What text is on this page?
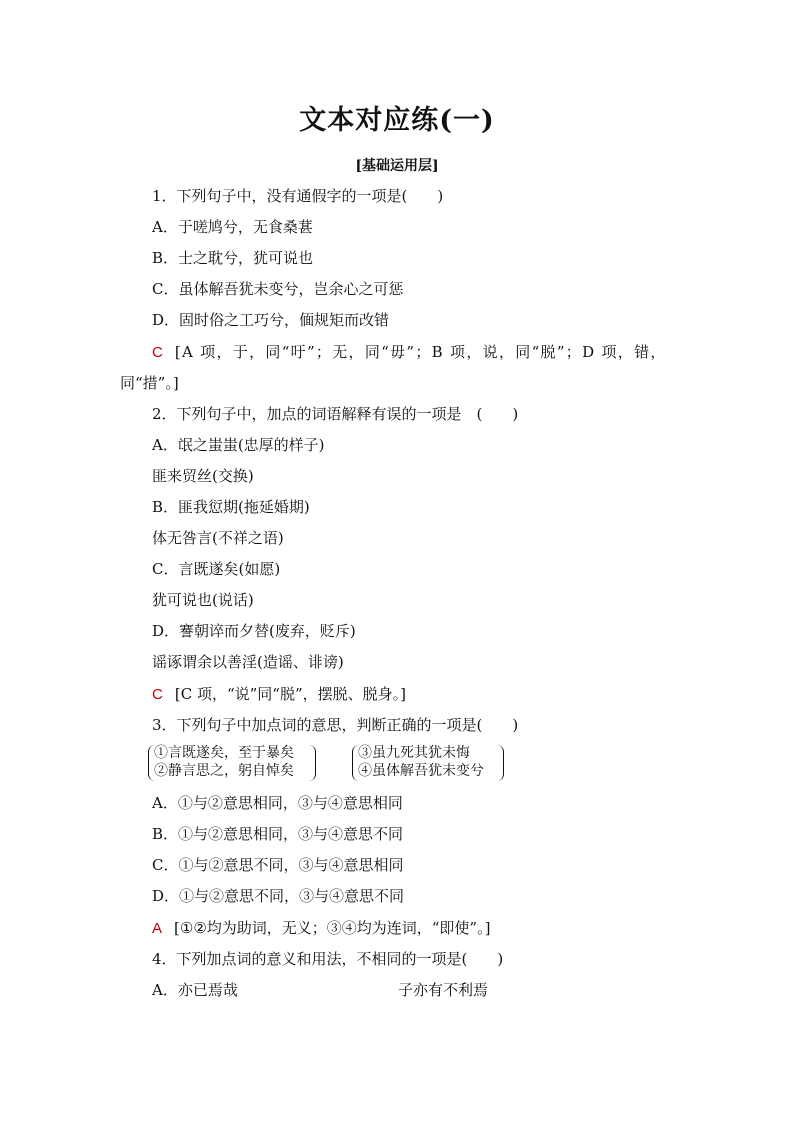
文本对应练(一)
[基础运用层]
1．下列句子中，没有通假字的一项是(　　)
A．于嗟鸠兮，无食桑葚
B．士之耽兮，犹可说也
C．虽体解吾犹未变兮，岂余心之可惩
D．固时俗之工巧兮，偭规矩而改错
C [A 项，于，同“吁”；无，同“毋”；B 项，说，同“脱”；D 项，错，
同“措”。]
2．下列句子中，加点的词语解释有误的一项是　(　　)
A．氓之蚩蚩(忠厚的样子)
匪来贸丝(交换)
B．匪我愆期(拖延婚期)
体无咎言(不祥之语)
C．言既遂矣(如愿)
犹可说也(说话)
D．謇朝谇而夕替(废弃，贬斥)
谣诼谓余以善淫(造谣、诽谤)
C [C 项，“说”同“脱”，摆脱、脱身。]
3．下列句子中加点词的意思，判断正确的一项是(　　)
①言既遂矣，至于暴矣
②静言思之，躬自悼矣
③虽九死其犹未悔
④虽体解吾犹未变兮
A．①与②意思相同，③与④意思相同
B．①与②意思相同，③与④意思不同
C．①与②意思不同，③与④意思相同
D．①与②意思不同，③与④意思不同
A [①②均为助词，无义；③④均为连词，“即使”。]
4．下列加点词的意义和用法，不相同的一项是(　　)
A．亦已焉哉	子亦有不利焉
